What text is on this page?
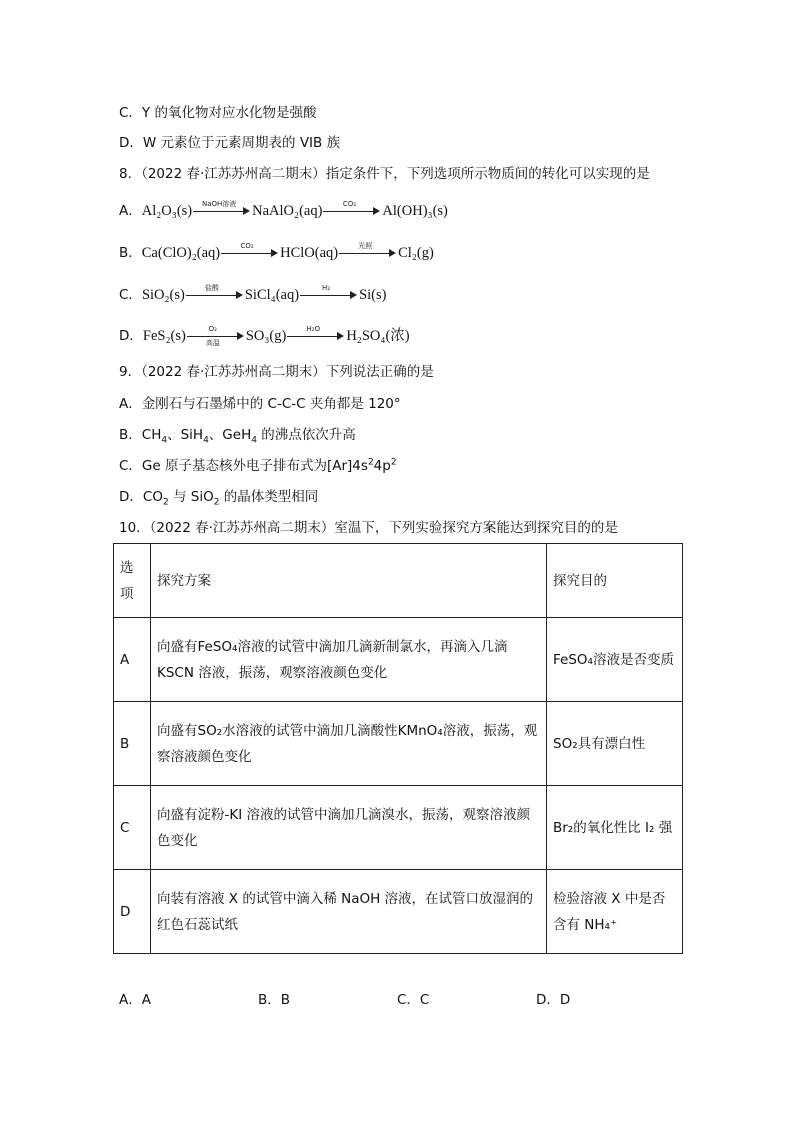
C．Y 的氧化物对应水化物是强酸
D．W 元素位于元素周期表的 VIB 族
8．（2022 春·江苏苏州高二期末）指定条件下，下列选项所示物质间的转化可以实现的是
A．Al₂O₃(s)	NaOH溶液	NaAlO₂(aq)	CO₂	Al(OH)₃(s)
B．Ca(ClO)₂(aq)	CO₂	HClO(aq)	光照	Cl₂(g)
C．SiO₂(s)	盐酸	SiCl₄(aq)	H₂	Si(s)
D．FeS₂(s)	O₂
高温	SO₃(g)	H₂O	H₂SO₄(浓)
9．（2022 春·江苏苏州高二期末）下列说法正确的是
A．金刚石与石墨烯中的 C-C-C 夹角都是 120°
B．$CH_4$、SiH$_4$、GeH$_4$ 的沸点依次升高
C．Ge 原子基态核外电子排布式为$[Ar]4s^24p^2$
D．$CO_2$ 与 SiO$_2$ 的晶体类型相同
10．（2022 春·江苏苏州高二期末）室温下，下列实验探究方案能达到探究目的的是
选项	探究方案	探究目的
A	向盛有FeSO₄溶液的试管中滴加几滴新制氯水，再滴入几滴 KSCN 溶液，振荡，观察溶液颜色变化	FeSO₄溶液是否变质
B	向盛有SO₂水溶液的试管中滴加几滴酸性KMnO₄溶液，振荡，观察溶液颜色变化	SO₂具有漂白性
C	向盛有淀粉-KI 溶液的试管中滴加几滴溴水，振荡，观察溶液颜色变化	Br₂的氧化性比 I₂ 强
D	向装有溶液 X 的试管中滴入稀 NaOH 溶液，在试管口放湿润的红色石蕊试纸	检验溶液 X 中是否含有 NH₄⁺
A．A	B．B	C．C	D．D
